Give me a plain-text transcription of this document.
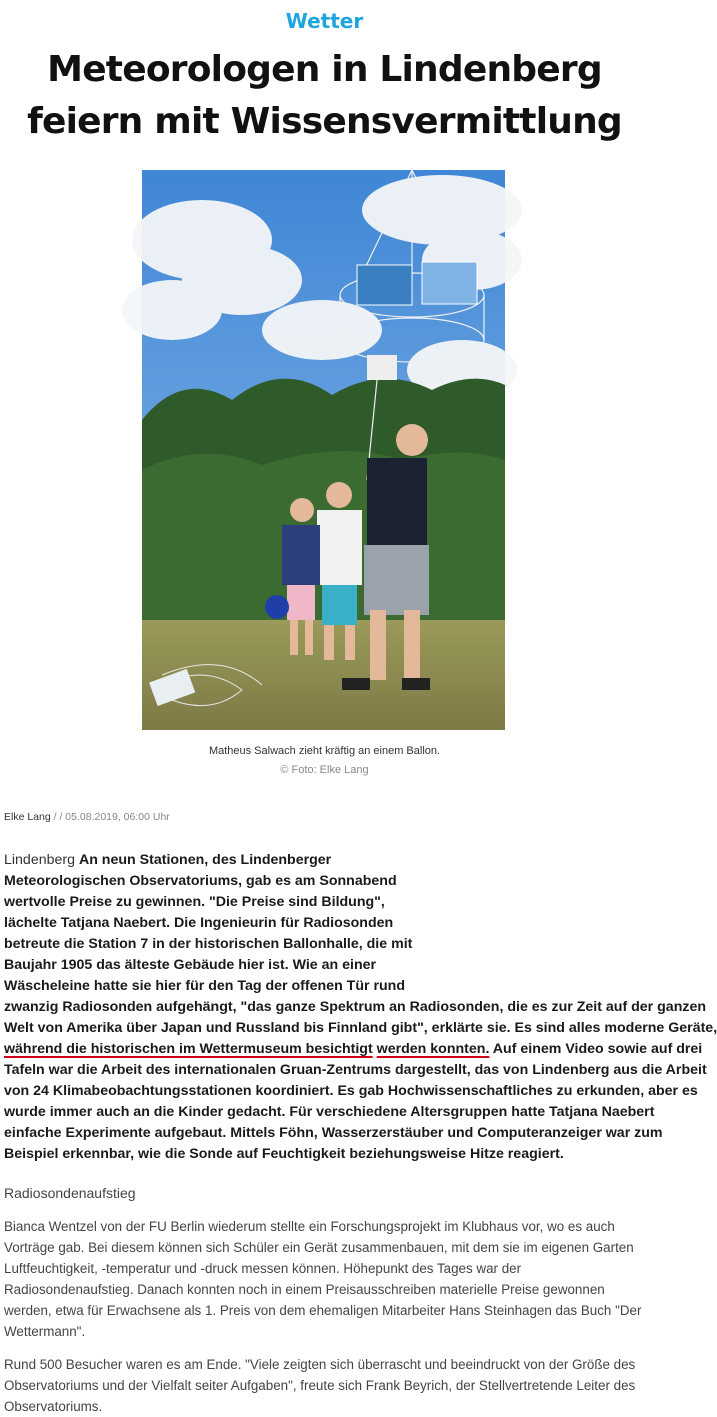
Wetter
Meteorologen in Lindenberg feiern mit Wissensvermittlung
Matheus Salwach zieht kräftig an einem Ballon.
© Foto: Elke Lang
Elke Lang / / 05.08.2019, 06:00 Uhr

Lindenberg An neun Stationen, des Lindenberger
Meteorologischen Observatoriums, gab es am Sonnabend
wertvolle Preise zu gewinnen. "Die Preise sind Bildung",
lächelte Tatjana Naebert. Die Ingenieurin für Radiosonden
betreute die Station 7 in der historischen Ballonhalle, die mit
Baujahr 1905 das älteste Gebäude hier ist. Wie an einer
Wäscheleine hatte sie hier für den Tag der offenen Tür rund
zwanzig Radiosonden aufgehängt, "das ganze Spektrum an Radiosonden, die es zur Zeit auf der ganzen
Welt von Amerika über Japan und Russland bis Finnland gibt", erklärte sie. Es sind alles moderne Geräte,
während die historischen im Wettermuseum besichtigt werden konnten. Auf einem Video sowie auf drei
Tafeln war die Arbeit des internationalen Gruan-Zentrums dargestellt, das von Lindenberg aus die Arbeit
von 24 Klimabeobachtungsstationen koordiniert. Es gab Hochwissenschaftliches zu erkunden, aber es
wurde immer auch an die Kinder gedacht. Für verschiedene Altersgruppen hatte Tatjana Naebert
einfache Experimente aufgebaut. Mittels Föhn, Wasserzerstäuber und Computeranzeiger war zum
Beispiel erkennbar, wie die Sonde auf Feuchtigkeit beziehungsweise Hitze reagiert.

Radiosondenaufstieg

Bianca Wentzel von der FU Berlin wiederum stellte ein Forschungsprojekt im Klubhaus vor, wo es auch Vorträge gab. Bei diesem können sich Schüler ein Gerät zusammenbauen, mit dem sie im eigenen Garten Luftfeuchtigkeit, -temperatur und -druck messen können. Höhepunkt des Tages war der Radiosondenaufstieg. Danach konnten noch in einem Preisausschreiben materielle Preise gewonnen werden, etwa für Erwachsene als 1. Preis von dem ehemaligen Mitarbeiter Hans Steinhagen das Buch "Der Wettermann".

Rund 500 Besucher waren es am Ende. "Viele zeigten sich überrascht und beeindruckt von der Größe des Observatoriums und der Vielfalt seiter Aufgaben", freute sich Frank Beyrich, der Stellvertretende Leiter des Observatoriums.
